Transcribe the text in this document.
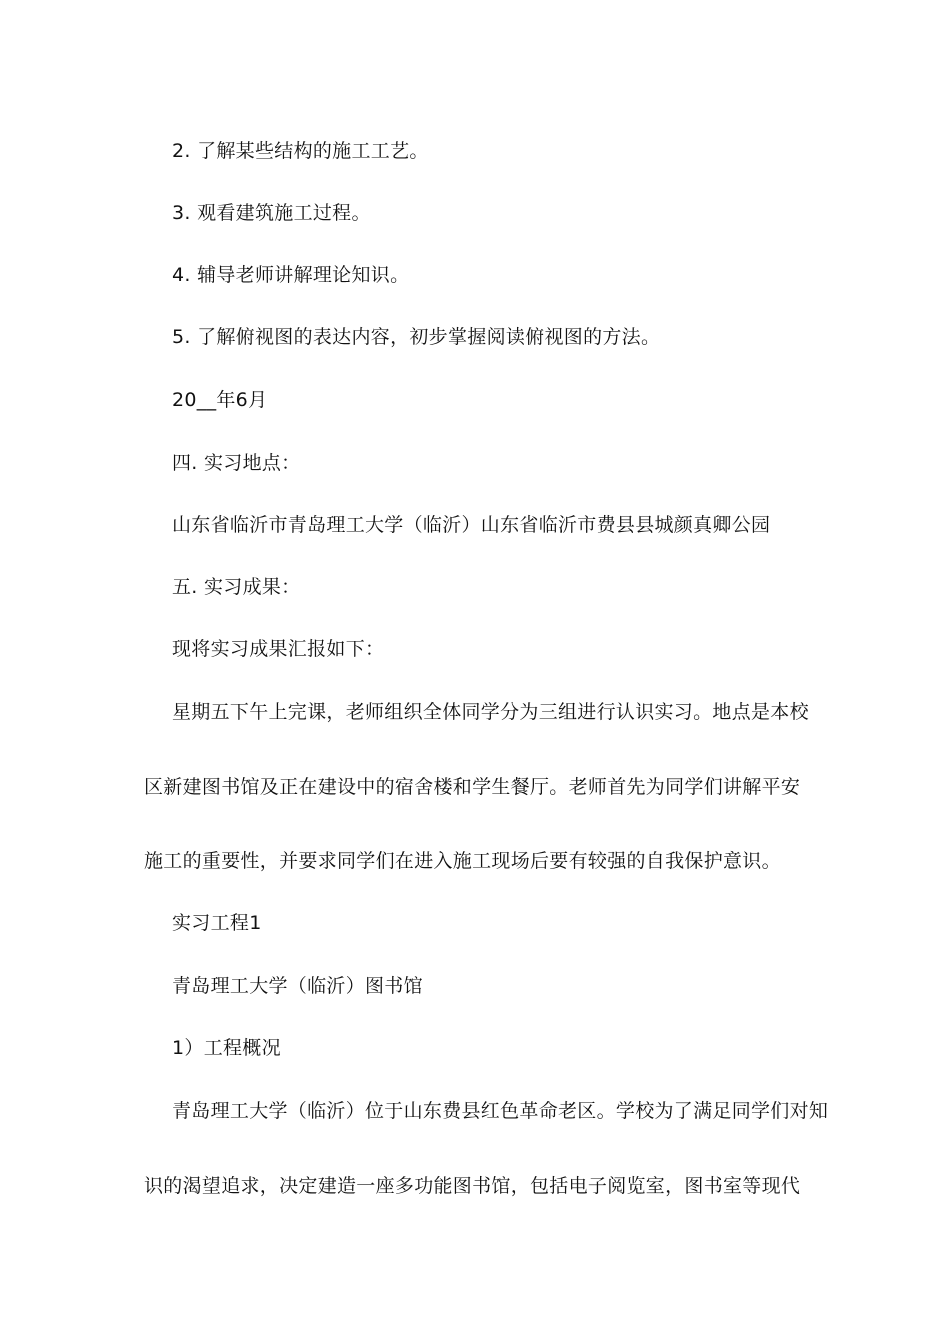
2. 了解某些结构的施工工艺。
3. 观看建筑施工过程。
4. 辅导老师讲解理论知识。
5. 了解俯视图的表达内容，初步掌握阅读俯视图的方法。
20__年6月
四. 实习地点：
山东省临沂市青岛理工大学（临沂）山东省临沂市费县县城颜真卿公园
五. 实习成果：
现将实习成果汇报如下：
星期五下午上完课，老师组织全体同学分为三组进行认识实习。地点是本校
区新建图书馆及正在建设中的宿舍楼和学生餐厅。老师首先为同学们讲解平安
施工的重要性，并要求同学们在进入施工现场后要有较强的自我保护意识。
实习工程1
青岛理工大学（临沂）图书馆
1）工程概况
青岛理工大学（临沂）位于山东费县红色革命老区。学校为了满足同学们对知
识的渴望追求，决定建造一座多功能图书馆，包括电子阅览室，图书室等现代
